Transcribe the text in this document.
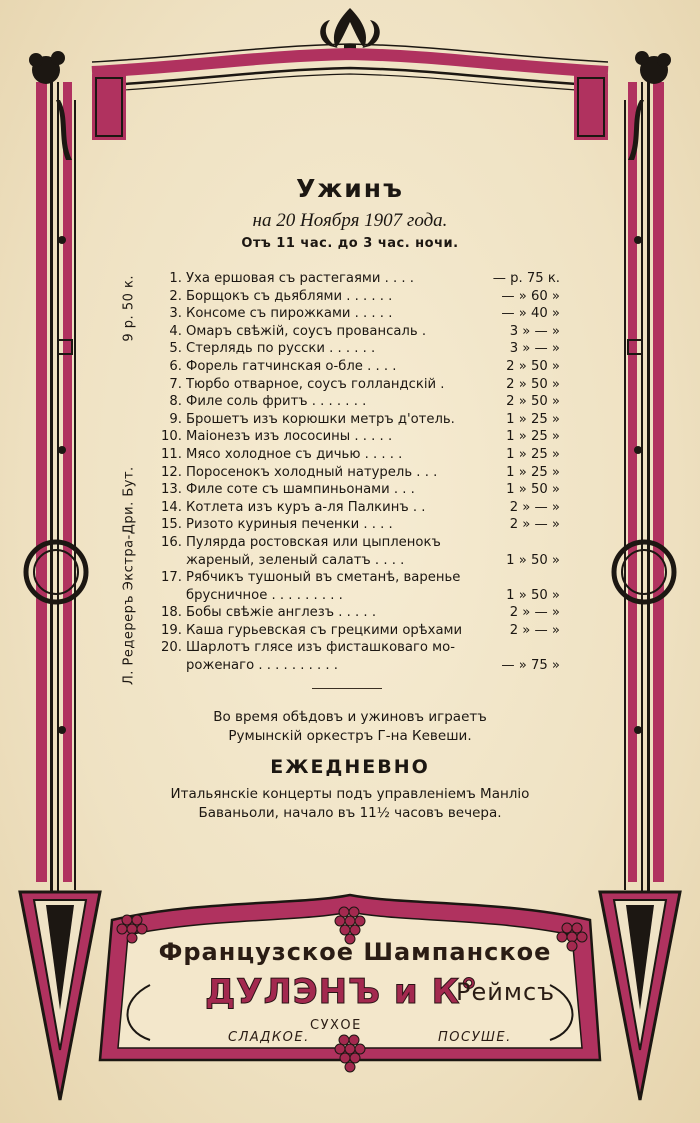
Ужинъ
на 20 Ноября 1907 года.
Отъ 11 час. до 3 час. ночи.
Л. Редереръ Экстра-Дри. Бут.
9 р. 50 к.	1. Уха ершовая съ растегаями . . . .	— р. 75 к.
2. Борщокъ съ дьяблями . . . . . .	— » 60 »
3. Консоме съ пирожками . . . . .	— » 40 »
4. Омаръ свѣжій, соусъ провансаль .	3 » — »
5. Стерлядь по русски . . . . . .	3 » — »
6. Форель гатчинская о-бле . . . .	2 » 50 »
7. Тюрбо отварное, соусъ голландскій .	2 » 50 »
8. Филе соль фритъ . . . . . . .	2 » 50 »
9. Брошетъ изъ корюшки метръ д'отель.	1 » 25 »
10. Маіонезъ изъ лососины . . . . .	1 » 25 »
11. Мясо холодное съ дичью . . . . .	1 » 25 »
12. Поросенокъ холодный натурель . . .	1 » 25 »
13. Филе соте съ шампиньонами . . .	1 » 50 »
14. Котлета изъ куръ а-ля Палкинъ . .	2 » — »
15. Ризото куриныя печенки . . . .	2 » — »
16. Пулярда ростовская или цыпленокъ
жареный, зеленый салатъ . . . .	1 » 50 »
17. Рябчикъ тушоный въ сметанѣ, варенье
брусничное . . . . . . . . .	1 » 50 »
18. Бобы свѣжіе англезъ . . . . .	2 » — »
19. Каша гурьевская съ грецкими орѣхами	2 » — »
20. Шарлотъ глясе изъ фисташковаго мо-
роженаго . . . . . . . . . .	— » 75 »
Во время обѣдовъ и ужиновъ играетъ
Румынскій оркестръ Г-на Кевеши.
ЕЖЕДНЕВНО
Итальянскіе концерты подъ управленіемъ Манліо
Баваньоли, начало въ 11½ часовъ вечера.
Французское Шампанское
ДУЛЭНЪ и К°
Реймсъ
СЛАДКОЕ.
СУХОЕ
ПОСУШЕ.
